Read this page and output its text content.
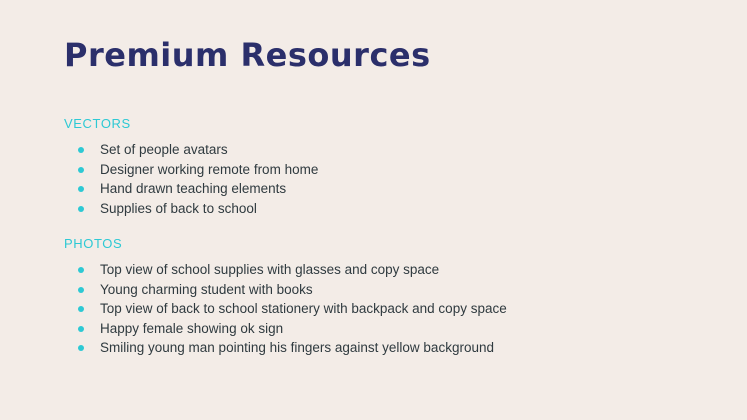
Premium Resources
VECTORS
Set of people avatars
Designer working remote from home
Hand drawn teaching elements
Supplies of back to school
PHOTOS
Top view of school supplies with glasses and copy space
Young charming student with books
Top view of back to school stationery with backpack and copy space
Happy female showing ok sign
Smiling young man pointing his fingers against yellow background
